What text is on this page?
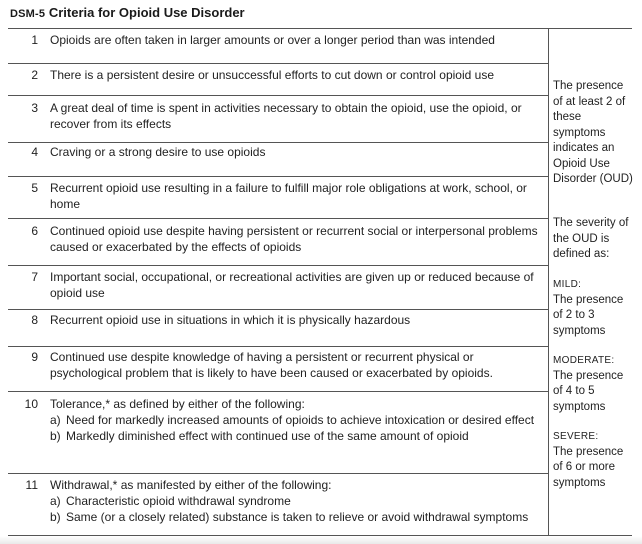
DSM-5 Criteria for Opioid Use Disorder
1 Opioids are often taken in larger amounts or over a longer period than was intended
2 There is a persistent desire or unsuccessful efforts to cut down or control opioid use
3 A great deal of time is spent in activities necessary to obtain the opioid, use the opioid, or recover from its effects
4 Craving or a strong desire to use opioids
5 Recurrent opioid use resulting in a failure to fulfill major role obligations at work, school, or home
6 Continued opioid use despite having persistent or recurrent social or interpersonal problems caused or exacerbated by the effects of opioids
7 Important social, occupational, or recreational activities are given up or reduced because of opioid use
8 Recurrent opioid use in situations in which it is physically hazardous
9 Continued use despite knowledge of having a persistent or recurrent physical or psychological problem that is likely to have been caused or exacerbated by opioids.
10 Tolerance,* as defined by either of the following:
a) Need for markedly increased amounts of opioids to achieve intoxication or desired effect
b) Markedly diminished effect with continued use of the same amount of opioid
11 Withdrawal,* as manifested by either of the following:
a) Characteristic opioid withdrawal syndrome
b) Same (or a closely related) substance is taken to relieve or avoid withdrawal symptoms
The presence of at least 2 of these symptoms indicates an Opioid Use Disorder (OUD)
The severity of the OUD is defined as:
MILD:
The presence of 2 to 3 symptoms
MODERATE:
The presence of 4 to 5 symptoms
SEVERE:
The presence of 6 or more symptoms
